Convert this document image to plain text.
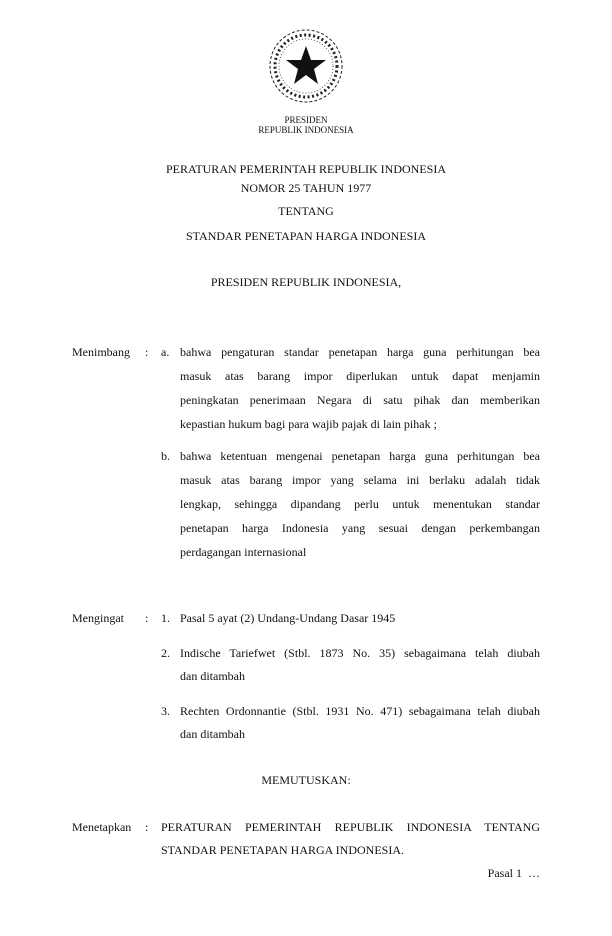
PRESIDEN
REPUBLIK INDONESIA
PERATURAN PEMERINTAH REPUBLIK INDONESIA
NOMOR 25 TAHUN 1977
TENTANG
STANDAR PENETAPAN HARGA INDONESIA
PRESIDEN REPUBLIK INDONESIA,
Menimbang : a. bahwa pengaturan standar penetapan harga guna perhitungan bea
masuk atas barang impor diperlukan untuk dapat menjamin
peningkatan penerimaan Negara di satu pihak dan memberikan
kepastian hukum bagi para wajib pajak di lain pihak ;
b. bahwa ketentuan mengenai penetapan harga guna perhitungan bea
masuk atas barang impor yang selama ini berlaku adalah tidak
lengkap, sehingga dipandang perlu untuk menentukan standar
penetapan harga Indonesia yang sesuai dengan perkembangan
perdagangan internasional
Mengingat : 1. Pasal 5 ayat (2) Undang-Undang Dasar 1945
2. Indische Tariefwet (Stbl. 1873 No. 35) sebagaimana telah diubah
dan ditambah
3. Rechten Ordonnantie (Stbl. 1931 No. 471) sebagaimana telah diubah
dan ditambah
MEMUTUSKAN:
Menetapkan : PERATURAN PEMERINTAH REPUBLIK INDONESIA TENTANG
STANDAR PENETAPAN HARGA INDONESIA.
Pasal 1  …
